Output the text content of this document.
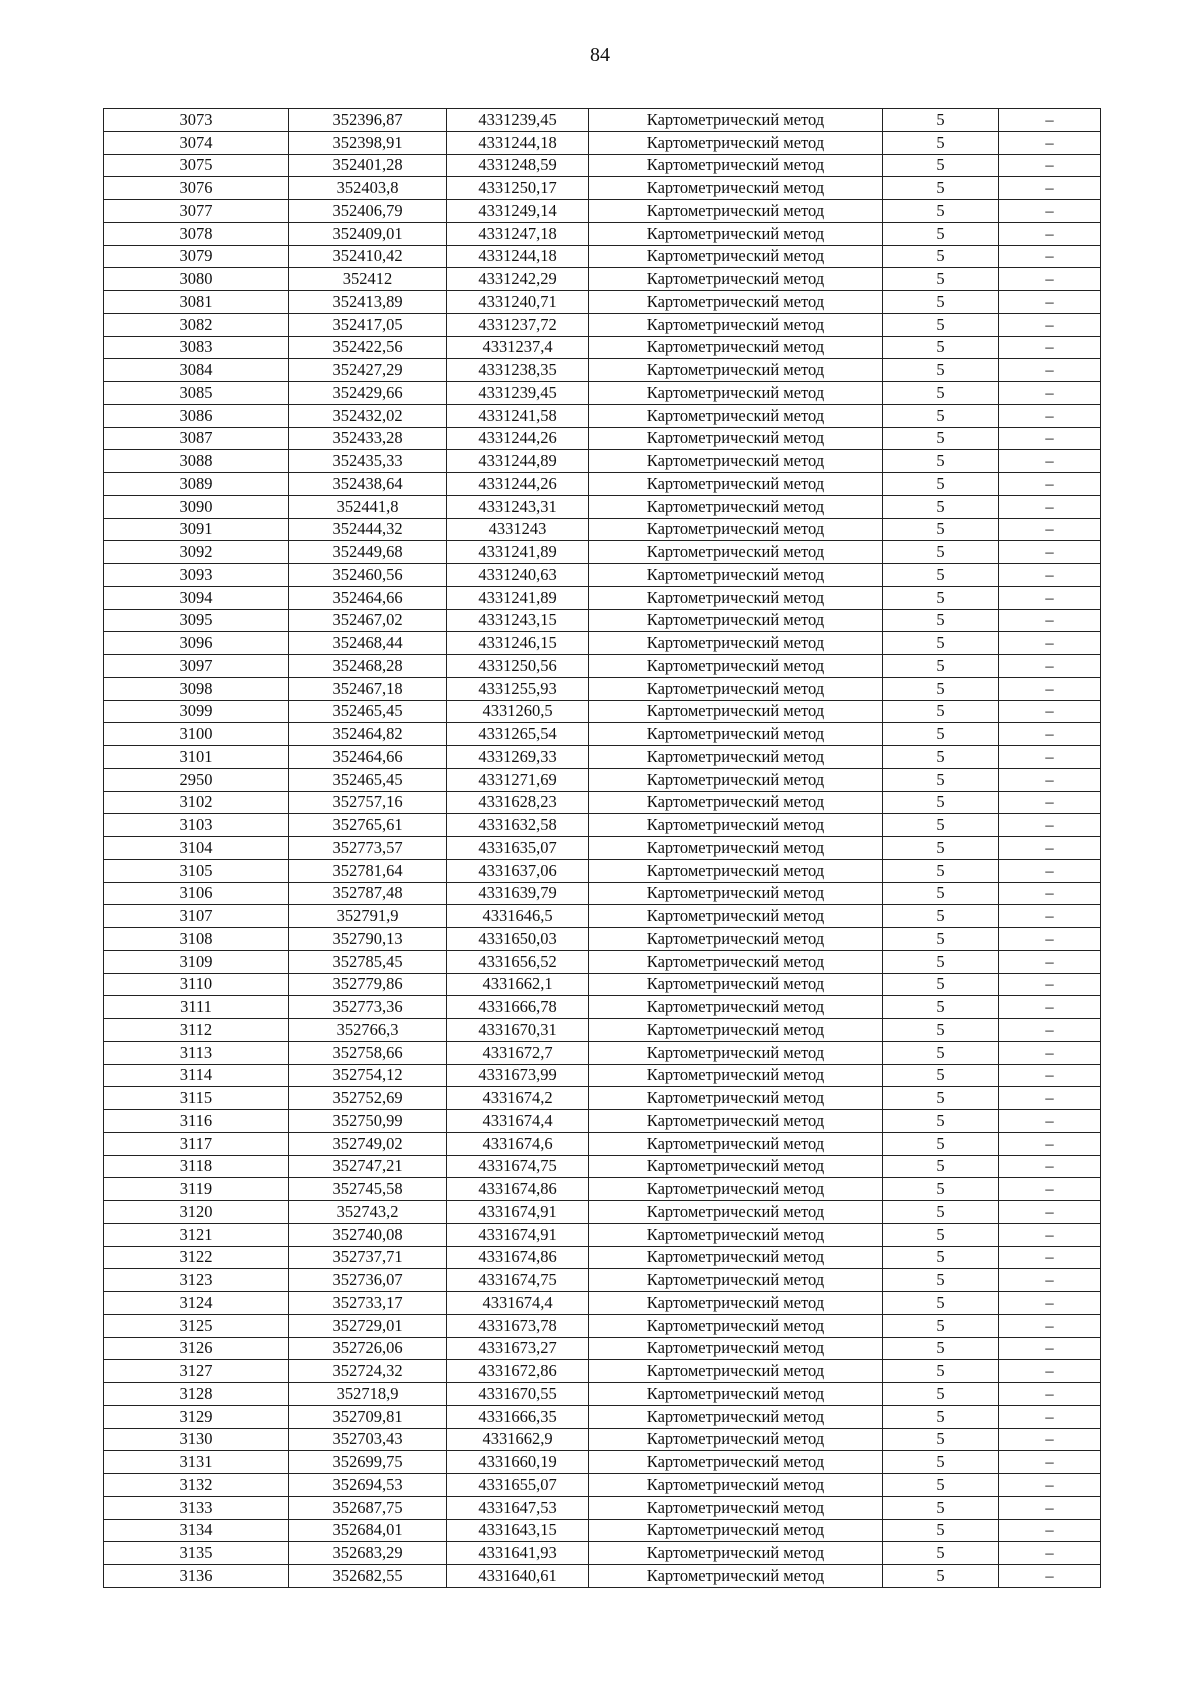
84
3073	352396,87	4331239,45	Картометрический метод	5	–
3074	352398,91	4331244,18	Картометрический метод	5	–
3075	352401,28	4331248,59	Картометрический метод	5	–
3076	352403,8	4331250,17	Картометрический метод	5	–
3077	352406,79	4331249,14	Картометрический метод	5	–
3078	352409,01	4331247,18	Картометрический метод	5	–
3079	352410,42	4331244,18	Картометрический метод	5	–
3080	352412	4331242,29	Картометрический метод	5	–
3081	352413,89	4331240,71	Картометрический метод	5	–
3082	352417,05	4331237,72	Картометрический метод	5	–
3083	352422,56	4331237,4	Картометрический метод	5	–
3084	352427,29	4331238,35	Картометрический метод	5	–
3085	352429,66	4331239,45	Картометрический метод	5	–
3086	352432,02	4331241,58	Картометрический метод	5	–
3087	352433,28	4331244,26	Картометрический метод	5	–
3088	352435,33	4331244,89	Картометрический метод	5	–
3089	352438,64	4331244,26	Картометрический метод	5	–
3090	352441,8	4331243,31	Картометрический метод	5	–
3091	352444,32	4331243	Картометрический метод	5	–
3092	352449,68	4331241,89	Картометрический метод	5	–
3093	352460,56	4331240,63	Картометрический метод	5	–
3094	352464,66	4331241,89	Картометрический метод	5	–
3095	352467,02	4331243,15	Картометрический метод	5	–
3096	352468,44	4331246,15	Картометрический метод	5	–
3097	352468,28	4331250,56	Картометрический метод	5	–
3098	352467,18	4331255,93	Картометрический метод	5	–
3099	352465,45	4331260,5	Картометрический метод	5	–
3100	352464,82	4331265,54	Картометрический метод	5	–
3101	352464,66	4331269,33	Картометрический метод	5	–
2950	352465,45	4331271,69	Картометрический метод	5	–
3102	352757,16	4331628,23	Картометрический метод	5	–
3103	352765,61	4331632,58	Картометрический метод	5	–
3104	352773,57	4331635,07	Картометрический метод	5	–
3105	352781,64	4331637,06	Картометрический метод	5	–
3106	352787,48	4331639,79	Картометрический метод	5	–
3107	352791,9	4331646,5	Картометрический метод	5	–
3108	352790,13	4331650,03	Картометрический метод	5	–
3109	352785,45	4331656,52	Картометрический метод	5	–
3110	352779,86	4331662,1	Картометрический метод	5	–
3111	352773,36	4331666,78	Картометрический метод	5	–
3112	352766,3	4331670,31	Картометрический метод	5	–
3113	352758,66	4331672,7	Картометрический метод	5	–
3114	352754,12	4331673,99	Картометрический метод	5	–
3115	352752,69	4331674,2	Картометрический метод	5	–
3116	352750,99	4331674,4	Картометрический метод	5	–
3117	352749,02	4331674,6	Картометрический метод	5	–
3118	352747,21	4331674,75	Картометрический метод	5	–
3119	352745,58	4331674,86	Картометрический метод	5	–
3120	352743,2	4331674,91	Картометрический метод	5	–
3121	352740,08	4331674,91	Картометрический метод	5	–
3122	352737,71	4331674,86	Картометрический метод	5	–
3123	352736,07	4331674,75	Картометрический метод	5	–
3124	352733,17	4331674,4	Картометрический метод	5	–
3125	352729,01	4331673,78	Картометрический метод	5	–
3126	352726,06	4331673,27	Картометрический метод	5	–
3127	352724,32	4331672,86	Картометрический метод	5	–
3128	352718,9	4331670,55	Картометрический метод	5	–
3129	352709,81	4331666,35	Картометрический метод	5	–
3130	352703,43	4331662,9	Картометрический метод	5	–
3131	352699,75	4331660,19	Картометрический метод	5	–
3132	352694,53	4331655,07	Картометрический метод	5	–
3133	352687,75	4331647,53	Картометрический метод	5	–
3134	352684,01	4331643,15	Картометрический метод	5	–
3135	352683,29	4331641,93	Картометрический метод	5	–
3136	352682,55	4331640,61	Картометрический метод	5	–
